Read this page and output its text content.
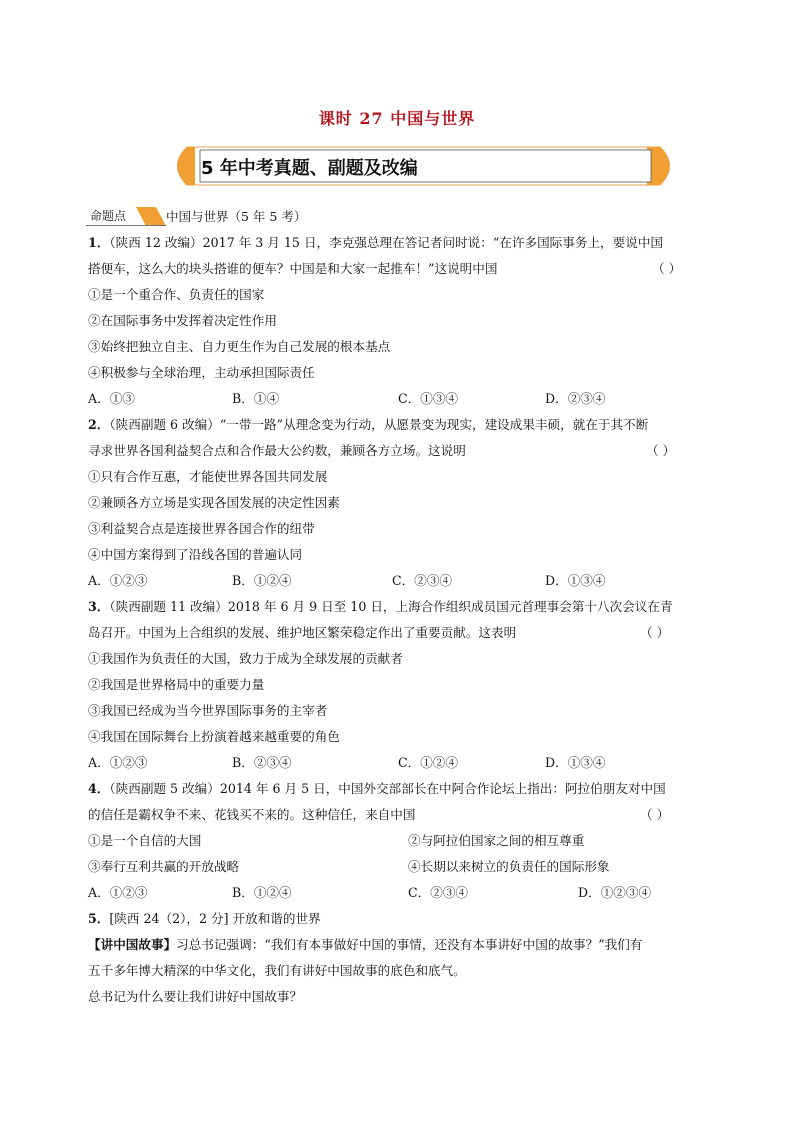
课时 27 中国与世界
5 年中考真题、副题及改编
命题点	中国与世界（5 年 5 考）
1．（陕西 12 改编）2017 年 3 月 15 日，李克强总理在答记者问时说：“在许多国际事务上，要说中国
搭便车，这么大的块头搭谁的便车？中国是和大家一起推车！”这说明中国	（ ）
①是一个重合作、负责任的国家
②在国际事务中发挥着决定性作用
③始终把独立自主、自力更生作为自己发展的根本基点
④积极参与全球治理，主动承担国际责任
A．①③	B．①④	C．①③④	D．②③④
2．（陕西副题 6 改编）“一带一路”从理念变为行动，从愿景变为现实，建设成果丰硕，就在于其不断
寻求世界各国利益契合点和合作最大公约数，兼顾各方立场。这说明	（ ）
①只有合作互惠，才能使世界各国共同发展
②兼顾各方立场是实现各国发展的决定性因素
③利益契合点是连接世界各国合作的纽带
④中国方案得到了沿线各国的普遍认同
A．①②③	B．①②④	C．②③④	D．①③④
3．（陕西副题 11 改编）2018 年 6 月 9 日至 10 日，上海合作组织成员国元首理事会第十八次会议在青
岛召开。中国为上合组织的发展、维护地区繁荣稳定作出了重要贡献。这表明	（ ）
①我国作为负责任的大国，致力于成为全球发展的贡献者
②我国是世界格局中的重要力量
③我国已经成为当今世界国际事务的主宰者
④我国在国际舞台上扮演着越来越重要的角色
A．①②③	B．②③④	C．①②④	D．①③④
4．（陕西副题 5 改编）2014 年 6 月 5 日，中国外交部部长在中阿合作论坛上指出：阿拉伯朋友对中国
的信任是霸权争不来、花钱买不来的。这种信任，来自中国	（ ）
①是一个自信的大国	②与阿拉伯国家之间的相互尊重
③奉行互利共赢的开放战略	④长期以来树立的负责任的国际形象
A．①②③	B．①②④	C．②③④	D．①②③④
5．[陕西 24（2），2 分] 开放和谐的世界
【讲中国故事】习总书记强调：“我们有本事做好中国的事情，还没有本事讲好中国的故事？”我们有
五千多年博大精深的中华文化，我们有讲好中国故事的底色和底气。
总书记为什么要让我们讲好中国故事？
